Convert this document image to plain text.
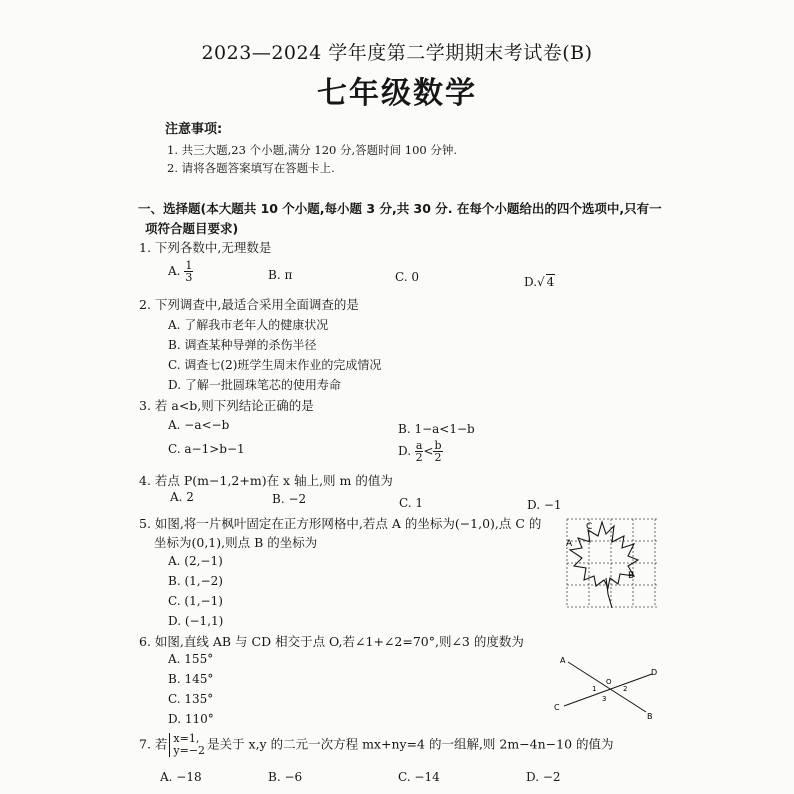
2023—2024 学年度第二学期期末考试卷(B)
七年级数学
注意事项:
1. 共三大题,23 个小题,满分 120 分,答题时间 100 分钟.
2. 请将各题答案填写在答题卡上.
一、选择题(本大题共 10 个小题,每小题 3 分,共 30 分. 在每个小题给出的四个选项中,只有一
项符合题目要求)
1. 下列各数中,无理数是
A. $\frac{1}{3}$	B. π	C. 0	D.√ 4
2. 下列调查中,最适合采用全面调查的是
A. 了解我市老年人的健康状况
B. 调查某种导弹的杀伤半径
C. 调查七(2)班学生周末作业的完成情况
D. 了解一批圆珠笔芯的使用寿命
3. 若 a<b,则下列结论正确的是
A. −a<−b	B. 1−a<1−b
C. a−1>b−1	D. $\frac{a}{2} < \frac{b}{2}$
4. 若点 P(m−1,2+m)在 x 轴上,则 m 的值为
A. 2	B. −2	C. 1	D. −1
5. 如图,将一片枫叶固定在正方形网格中,若点 A 的坐标为(−1,0),点 C 的
坐标为(0,1),则点 B 的坐标为
A. (2,−1)
B. (1,−2)
C. (1,−1)
D. (−1,1)
C
A
B
6. 如图,直线 AB 与 CD 相交于点 O,若∠1+∠2=70°,则∠3 的度数为
A. 155°
B. 145°
C. 135°
D. 110°
A
B
C
D
O
1	2
3
7. 若 x=1,
y=−2 是关于 x,y 的二元一次方程 mx+ny=4 的一组解,则 2m−4n−10 的值为
A. −18	B. −6	C. −14	D. −2
